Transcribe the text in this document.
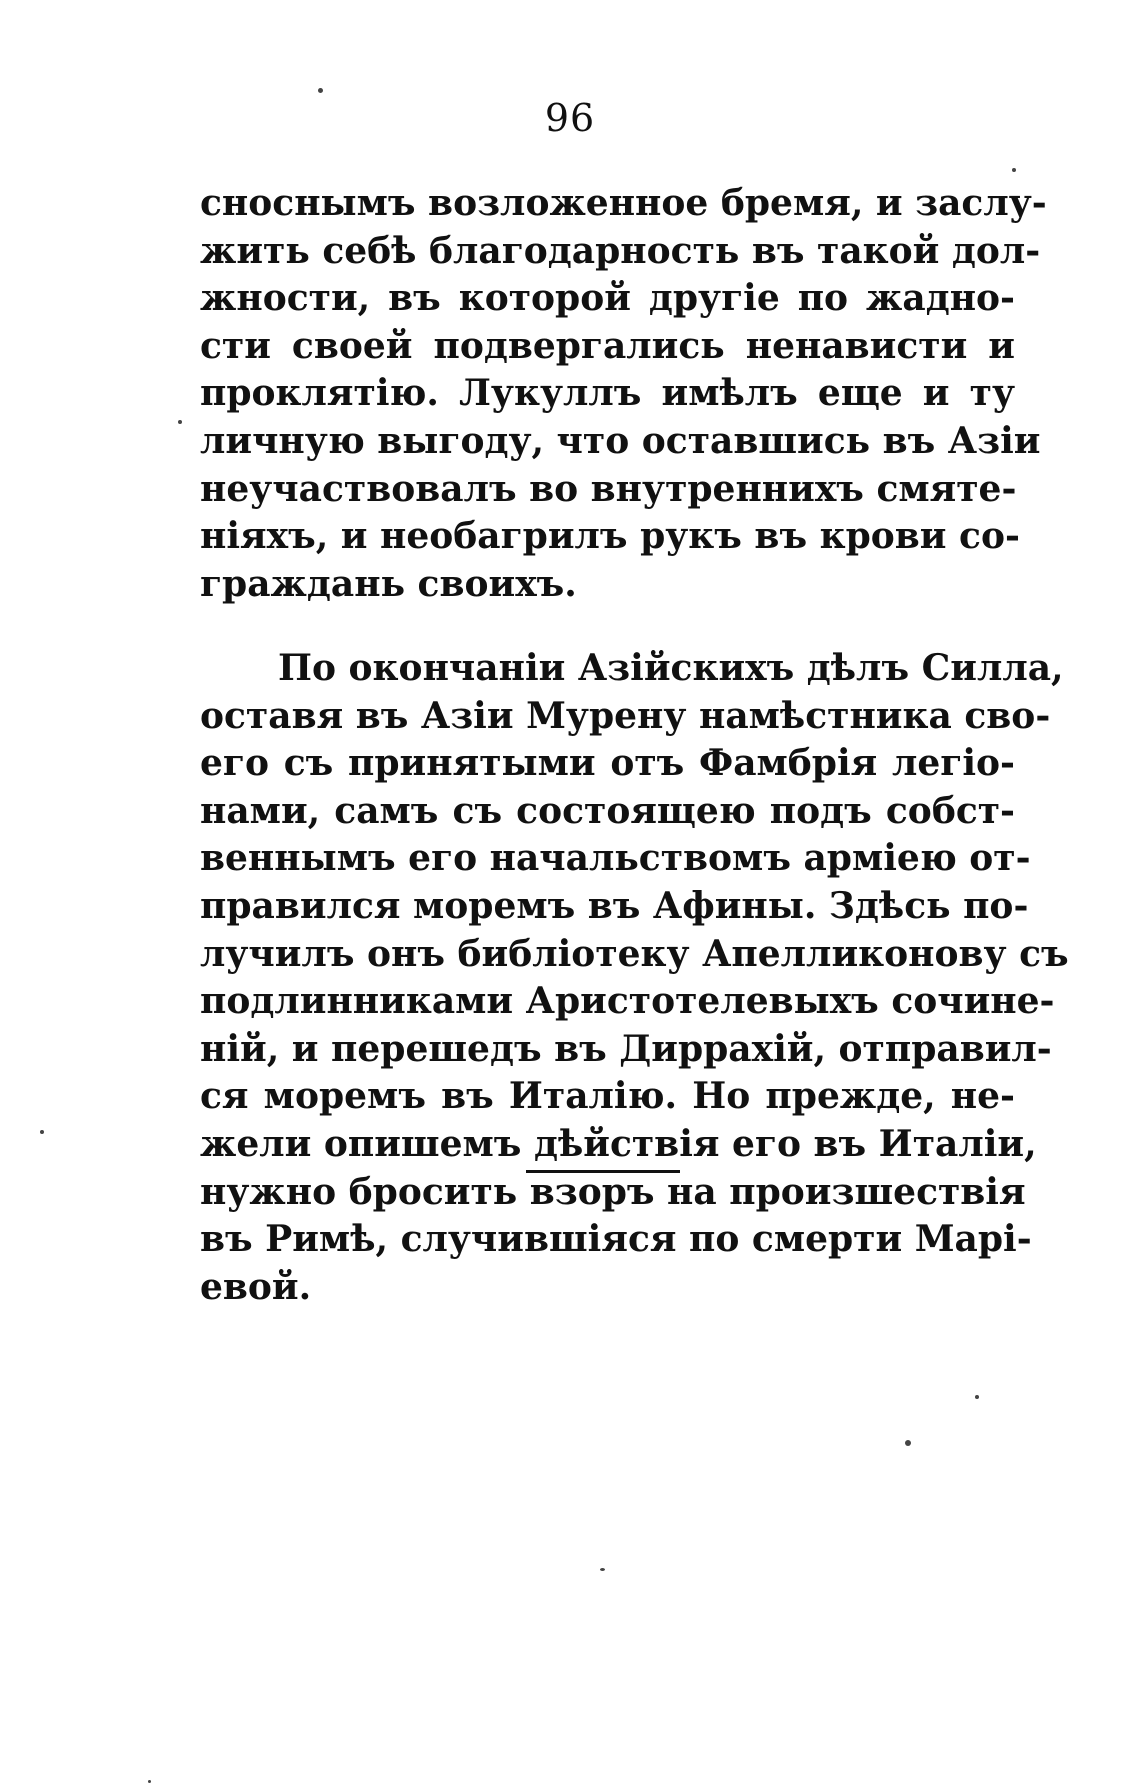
96
сноснымъ возложенное бремя, и заслу-
жить себѣ благодарность въ такой дол-
жности, въ которой другіе по жадно-
сти своей подвергались ненависти и
проклятію. Лукуллъ имѣлъ еще и ту
личную выгоду, что оставшись въ Азіи
неучаствовалъ во внутреннихъ смяте-
ніяхъ, и необагрилъ рукъ въ крови со-
граждань своихъ.
По окончаніи Азійскихъ дѣлъ Силла,
оставя въ Азіи Мурену намѣстника сво-
его съ принятыми отъ Фамбрія легіо-
нами, самъ съ состоящею подъ собст-
веннымъ его начальствомъ арміею от-
правился моремъ въ Афины. Здѣсь по-
лучилъ онъ библіотеку Апелликонову съ
подлинниками Аристотелевыхъ сочине-
ній, и перешедъ въ Диррахій, отправил-
ся моремъ въ Италію. Но прежде, не-
жели опишемъ дѣйствія его въ Италіи,
нужно бросить взоръ на произшествія
въ Римѣ, случившіяся по смерти Марі-
евой.
